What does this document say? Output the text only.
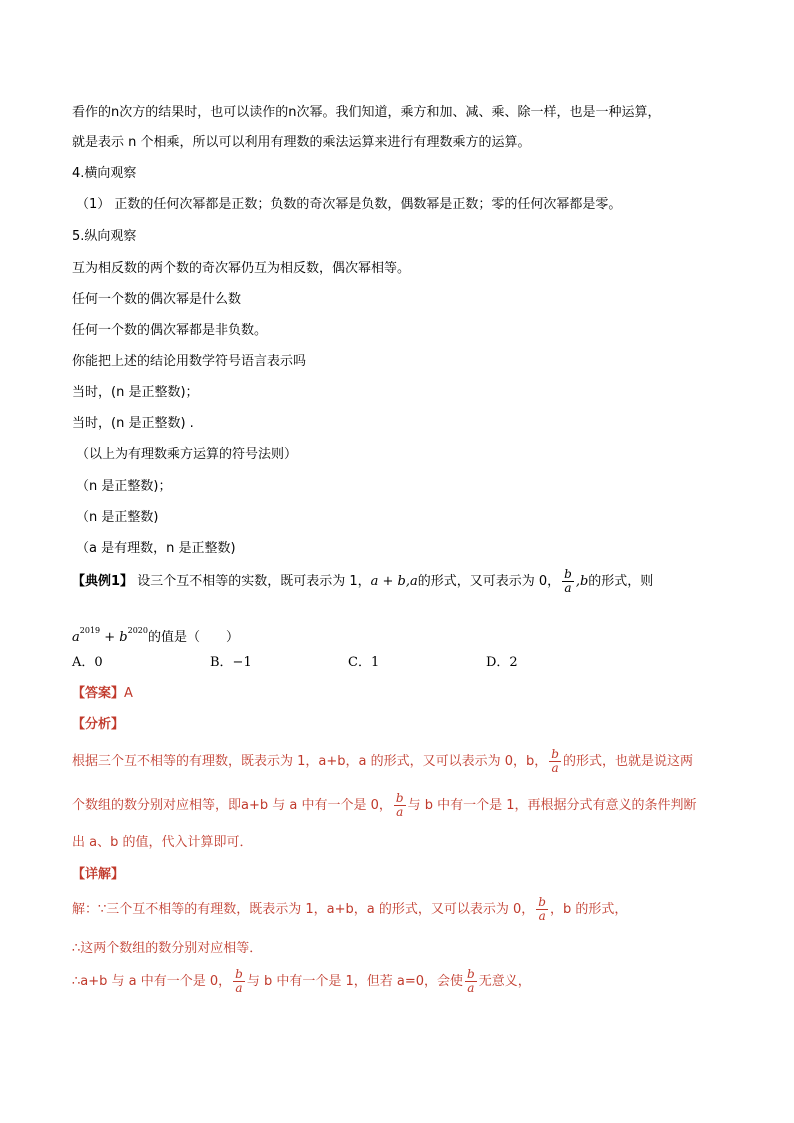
看作的n次方的结果时，也可以读作的n次幂。我们知道，乘方和加、减、乘、除一样，也是一种运算，
就是表示 n 个相乘，所以可以利用有理数的乘法运算来进行有理数乘方的运算。
4.横向观察
（1） 正数的任何次幂都是正数；负数的奇次幂是负数，偶数幂是正数；零的任何次幂都是零。
5.纵向观察
互为相反数的两个数的奇次幂仍互为相反数，偶次幂相等。
任何一个数的偶次幂是什么数
任何一个数的偶次幂都是非负数。
你能把上述的结论用数学符号语言表示吗
当时，(n 是正整数)；
当时，(n 是正整数) .
（以上为有理数乘方运算的符号法则）
（n 是正整数)；
（n 是正整数)
（a 是有理数，n 是正整数)
【典例1】 设三个互不相等的实数，既可表示为 1，a + b,a的形式，又可表示为 0， $\frac{b}{a} ,b$的形式，则
$a^{2019} + b^{2020}$的值是（　　）
A．0	B．−1	C．1	D．2
【答案】A
【分析】
根据三个互不相等的有理数，既表示为 1，a+b，a 的形式，又可以表示为 0，b， $\frac{b}{a}$ 的形式，也就是说这两
个数组的数分别对应相等，即a+b 与 a 中有一个是 0， $\frac{b}{a}$ 与 b 中有一个是 1，再根据分式有意义的条件判断
出 a、b 的值，代入计算即可．
【详解】
解：∵三个互不相等的有理数，既表示为 1，a+b，a 的形式，又可以表示为 0， $\frac{b}{a}$ ，b 的形式，
∴这两个数组的数分别对应相等．
∴a+b 与 a 中有一个是 0， $\frac{b}{a}$ 与 b 中有一个是 1，但若 a=0，会使 $\frac{b}{a}$ 无意义，
